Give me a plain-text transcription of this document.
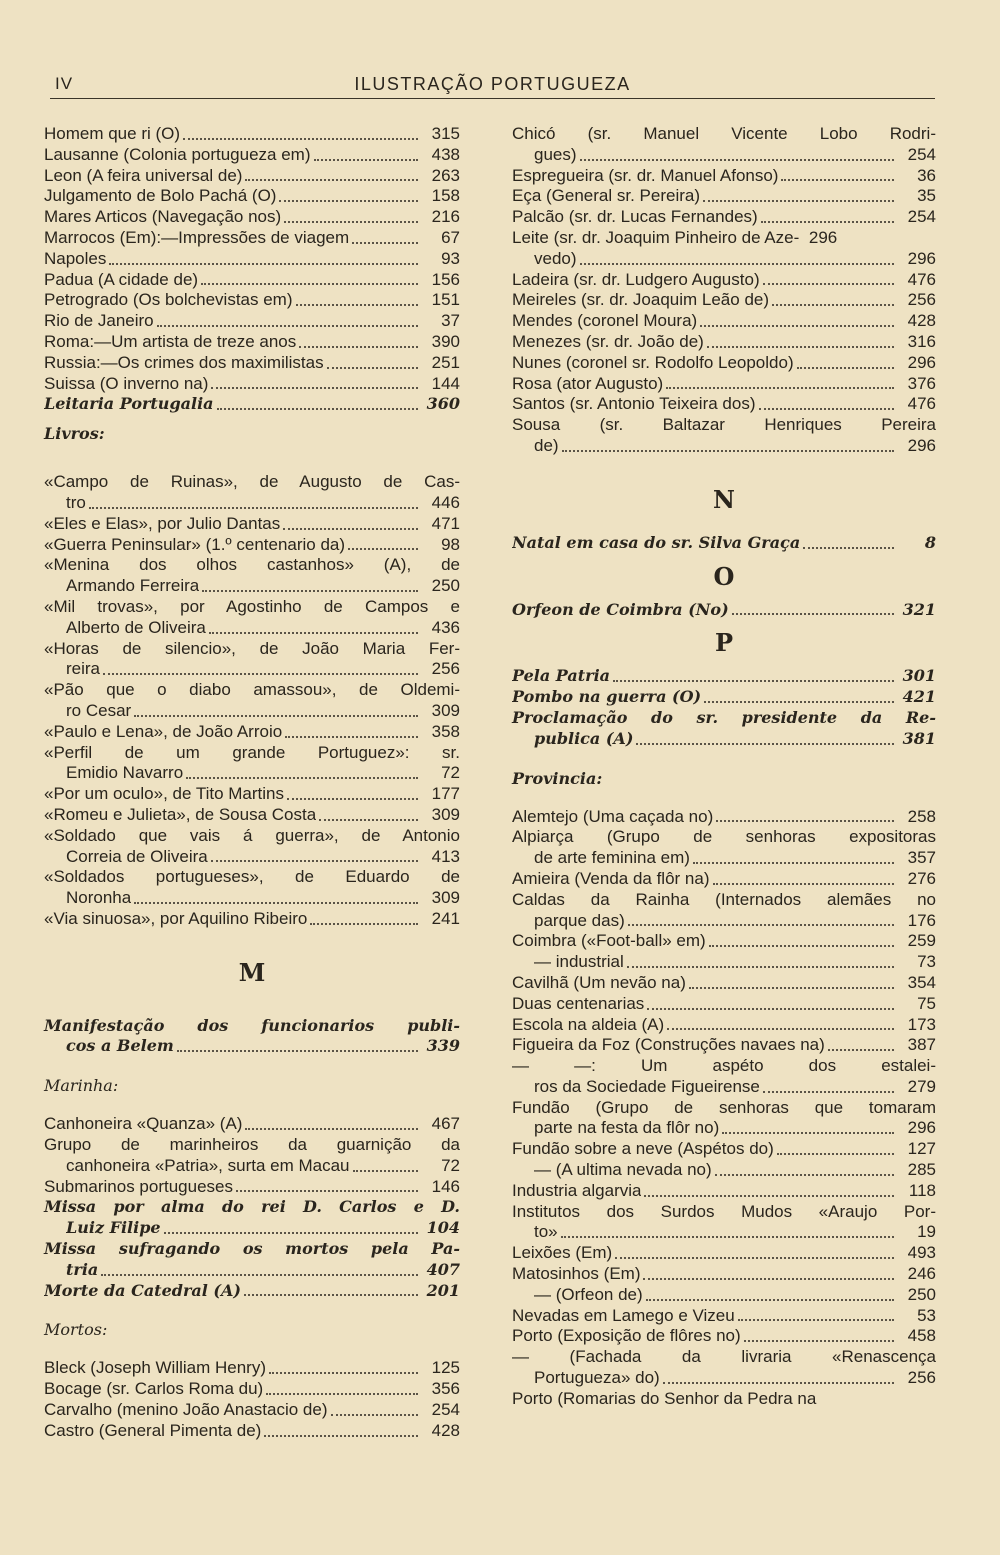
IV	ILUSTRAÇÃO PORTUGUEZA
Homem que ri (O)	315
Lausanne (Colonia portugueza em)	438
Leon (A feira universal de)	263
Julgamento de Bolo Pachá (O)	158
Mares Articos (Navegação nos)	216
Marrocos (Em):—Impressões de viagem	67
Napoles	93
Padua (A cidade de)	156
Petrogrado (Os bolchevistas em)	151
Rio de Janeiro	37
Roma:—Um artista de treze anos	390
Russia:—Os crimes dos maximilistas	251
Suissa (O inverno na)	144
Leitaria Portugalia	360
Livros:
«Campo de Ruinas», de Augusto de Cas-
tro	446
«Eles e Elas», por Julio Dantas	471
«Guerra Peninsular» (1.º centenario da)	98
«Menina dos olhos castanhos» (A), de
Armando Ferreira	250
«Mil trovas», por Agostinho de Campos e
Alberto de Oliveira	436
«Horas de silencio», de João Maria Fer-
reira	256
«Pão que o diabo amassou», de Oldemi-
ro Cesar	309
«Paulo e Lena», de João Arroio	358
«Perfil de um grande Portuguez»: sr.
Emidio Navarro	72
«Por um oculo», de Tito Martins	177
«Romeu e Julieta», de Sousa Costa	309
«Soldado que vais á guerra», de Antonio
Correia de Oliveira	413
«Soldados portugueses», de Eduardo de
Noronha	309
«Via sinuosa», por Aquilino Ribeiro	241
M
Manifestação dos funcionarios publi-
cos a Belem	339
Marinha:
Canhoneira «Quanza» (A)	467
Grupo de marinheiros da guarnição da
canhoneira «Patria», surta em Macau	72
Submarinos portugueses	146
Missa por alma do rei D. Carlos e D.
Luiz Filipe	104
Missa sufragando os mortos pela Pa-
tria	407
Morte da Catedral (A)	201
Mortos:
Bleck (Joseph William Henry)	125
Bocage (sr. Carlos Roma du)	356
Carvalho (menino João Anastacio de)	254
Castro (General Pimenta de)	428
Chicó (sr. Manuel Vicente Lobo Rodri-
gues)	254
Espregueira (sr. dr. Manuel Afonso)	36
Eça (General sr. Pereira)	35
Palcão (sr. dr. Lucas Fernandes)	254
Leite (sr. dr. Joaquim Pinheiro de Aze- 296
vedo)	296
Ladeira (sr. dr. Ludgero Augusto)	476
Meireles (sr. dr. Joaquim Leão de)	256
Mendes (coronel Moura)	428
Menezes (sr. dr. João de)	316
Nunes (coronel sr. Rodolfo Leopoldo)	296
Rosa (ator Augusto)	376
Santos (sr. Antonio Teixeira dos)	476
Sousa (sr. Baltazar Henriques Pereira
de)	296
N
Natal em casa do sr. Silva Graça	8
O
Orfeon de Coimbra (No)	321
P
Pela Patria	301
Pombo na guerra (O)	421
Proclamação do sr. presidente da Re-
publica (A)	381
Provincia:
Alemtejo (Uma caçada no)	258
Alpiarça (Grupo de senhoras expositoras
de arte feminina em)	357
Amieira (Venda da flôr na)	276
Caldas da Rainha (Internados alemães no
parque das)	176
Coimbra («Foot-ball» em)	259
— industrial	73
Cavilhã (Um nevão na)	354
Duas centenarias	75
Escola na aldeia (A)	173
Figueira da Foz (Construções navaes na)	387
— —: Um aspéto dos estalei-
ros da Sociedade Figueirense	279
Fundão (Grupo de senhoras que tomaram
parte na festa da flôr no)	296
Fundão sobre a neve (Aspétos do)	127
— (A ultima nevada no)	285
Industria algarvia	118
Institutos dos Surdos Mudos «Araujo Por-
to»	19
Leixões (Em)	493
Matosinhos (Em)	246
— (Orfeon de)	250
Nevadas em Lamego e Vizeu	53
Porto (Exposição de flôres no)	458
— (Fachada da livraria «Renascença
Portugueza» do)	256
Porto (Romarias do Senhor da Pedra na
